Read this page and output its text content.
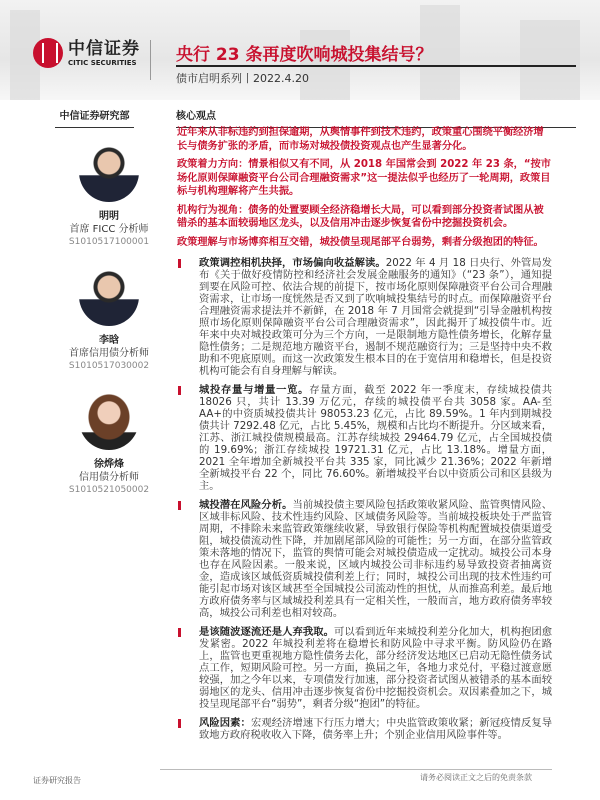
中信证券
CITIC SECURITIES 央行 23 条再度吹响城投集结号？
债市启明系列丨2022.4.20
中信证券研究部	核心观点
明明
首席 FICC 分析师
S1010517100001
李晗
首席信用债分析师
S1010517030002
徐烨烽
信用债分析师
S1010521050002
近年来从非标违约到担保逾期，从舆情事件到技术违约，政策重心围绕平衡经济增长与债务扩张的矛盾，而市场对城投债投资观点也产生显著分化。
政策着力方向：情景相似又有不同，从 2018 年国常会到 2022 年 23 条，“按市场化原则保障融资平台公司合理融资需求”这一提法似乎也经历了一轮周期，政策目标与机构理解将产生共振。
机构行为视角：债务的处置要顾全经济稳增长大局，可以看到部分投资者试图从被错杀的基本面较弱地区龙头，以及信用冲击逐步恢复省份中挖掘投资机会。
政策理解与市场博弈相互交错，城投债呈现尾部平台弱势，剩者分级抱团的特征。

政策调控相机抉择，市场偏向收益解读。2022 年 4 月 18 日央行、外管局发布《关于做好疫情防控和经济社会发展金融服务的通知》（“23 条”），通知提到要在风险可控、依法合规的前提下，按市场化原则保障融资平台公司合理融资需求，让市场一度恍然是否又到了吹响城投集结号的时点。而保障融资平台合理融资需求提法并不新鲜，在 2018 年 7 月国常会就提到“引导金融机构按照市场化原则保障融资平台公司合理融资需求”，因此揭开了城投债牛市。近年来中央对城投政策可分为三个方向，一是限制地方隐性债务增长，化解存量隐性债务；二是规范地方融资平台，遏制不规范融资行为；三是坚持中央不救助和不兜底原则。而这一次政策发生根本目的在于宽信用和稳增长，但是投资机构可能会有自身理解与解读。

城投存量与增量一览。存量方面，截至 2022 年一季度末，存续城投债共 18026 只，共计 13.39 万亿元，存续的城投债平台共 3058 家。AA-至 AA+的中资质城投债共计 98053.23 亿元，占比 89.59%。1 年内到期城投债共计 7292.48 亿元，占比 5.45%，规模和占比均不断提升。分区域来看，江苏、浙江城投债规模最高。江苏存续城投 29464.79 亿元，占全国城投债的 19.69%；浙江存续城投 19721.31 亿元，占比 13.18%。增量方面，2021 全年增加全新城投平台共 335 家，同比减少 21.36%；2022 年新增全新城投平台 22 个，同比 76.60%。新增城投平台以中资质公司和区县级为主。

城投潜在风险分析。当前城投债主要风险包括政策收紧风险、监管舆情风险、区域非标风险、技术性违约风险、区域债务风险等。当前城投板块处于严监管周期，不排除未来监管政策继续收紧，导致银行保险等机构配置城投债渠道受阻，城投债流动性下降，并加剧尾部风险的可能性；另一方面，在部分监管政策未落地的情况下，监管的舆情可能会对城投债造成一定扰动。城投公司本身也存在风险因素。一般来说，区域内城投公司非标违约易导致投资者抽离资金，造成该区域低资质城投债利差上行；同时，城投公司出现的技术性违约可能引起市场对该区域甚至全国城投公司流动性的担忧，从而推高利差。最后地方政府债务率与区域城投利差具有一定相关性，一般而言，地方政府债务率较高，城投公司利差也相对较高。

是该随波逐流还是人弃我取。可以看到近年来城投利差分化加大，机构抱团愈发紧密。2022 年城投利差将在稳增长和防风险中寻求平衡。防风险仍在路上，监管也更重视地方隐性债务去化，部分经济发达地区已启动无隐性债务试点工作，短期风险可控。另一方面，换届之年，各地力求兑付，平稳过渡意愿较强，加之今年以来，专项债发行加速，部分投资者试图从被错杀的基本面较弱地区的龙头、信用冲击逐步恢复省份中挖掘投资机会。双因素叠加之下，城投呈现尾部平台“弱势”，剩者分级“抱团”的特征。

风险因素：宏观经济增速下行压力增大；中央监管政策收紧；新冠疫情反复导致地方政府税收收入下降，债务率上升；个别企业信用风险事件等。

证券研究报告	请务必阅读正文之后的免责条款
